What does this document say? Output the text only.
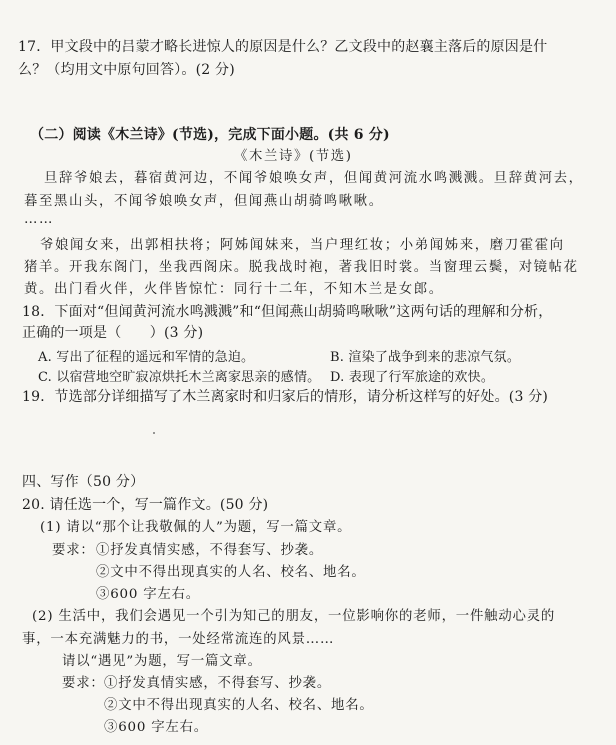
17．甲文段中的吕蒙才略长进惊人的原因是什么？乙文段中的赵襄主落后的原因是什
么？（均用文中原句回答）。(2 分)
（二）阅读《木兰诗》(节选)，完成下面小题。(共 6 分)
《木兰诗》(节选)
旦辞爷娘去，暮宿黄河边，不闻爷娘唤女声，但闻黄河流水鸣溅溅。旦辞黄河去，
暮至黑山头，不闻爷娘唤女声，但闻燕山胡骑鸣啾啾。
……
爷娘闻女来，出郭相扶将；阿姊闻妹来，当户理红妆；小弟闻姊来，磨刀霍霍向
猪羊。开我东阁门，坐我西阁床。脱我战时袍，著我旧时裳。当窗理云鬓，对镜帖花
黄。出门看火伴，火伴皆惊忙：同行十二年，不知木兰是女郎。
18．下面对“但闻黄河流水鸣溅溅”和“但闻燕山胡骑鸣啾啾”这两句话的理解和分析，
正确的一项是（　　）(3 分)
A. 写出了征程的遥远和军情的急迫。	B. 渲染了战争到来的悲凉气氛。
C. 以宿营地空旷寂凉烘托木兰离家思亲的感情。 D. 表现了行军旅途的欢快。
19．节选部分详细描写了木兰离家时和归家后的情形，请分析这样写的好处。(3 分)
四、写作（50 分）
20. 请任选一个，写一篇作文。(50 分)
(1) 请以“那个让我敬佩的人”为题，写一篇文章。
要求： ①抒发真情实感，不得套写、抄袭。
②文中不得出现真实的人名、校名、地名。
③600 字左右。
(2) 生活中，我们会遇见一个引为知己的朋友，一位影响你的老师，一件触动心灵的
事，一本充满魅力的书，一处经常流连的风景……
请以“遇见”为题，写一篇文章。
要求： ①抒发真情实感，不得套写、抄袭。
②文中不得出现真实的人名、校名、地名。
③600 字左右。
